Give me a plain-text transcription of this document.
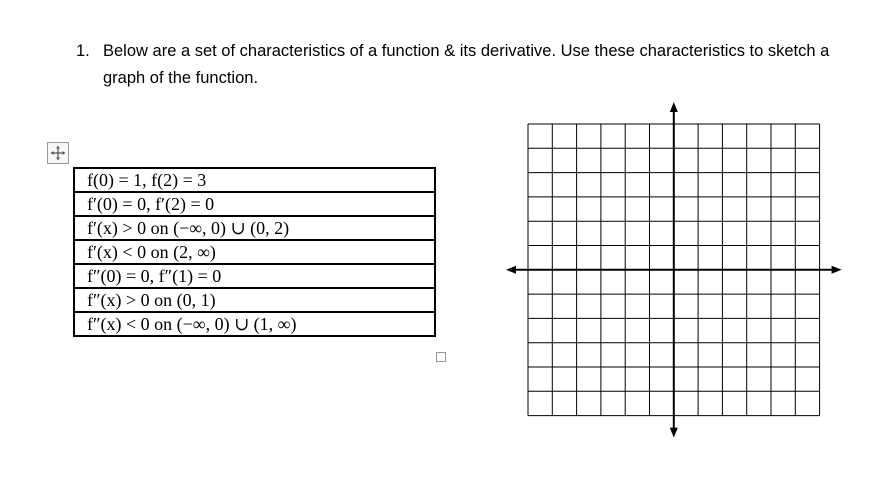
1. Below are a set of characteristics of a function & its derivative. Use these characteristics to sketch a graph of the function.
f(0) = 1, f(2) = 3
f′(0) = 0, f′(2) = 0
f′(x) > 0 on (−∞, 0) ∪ (0, 2)
f′(x) < 0 on (2, ∞)
f″(0) = 0, f″(1) = 0
f″(x) > 0 on (0, 1)
f″(x) < 0 on (−∞, 0) ∪ (1, ∞)
